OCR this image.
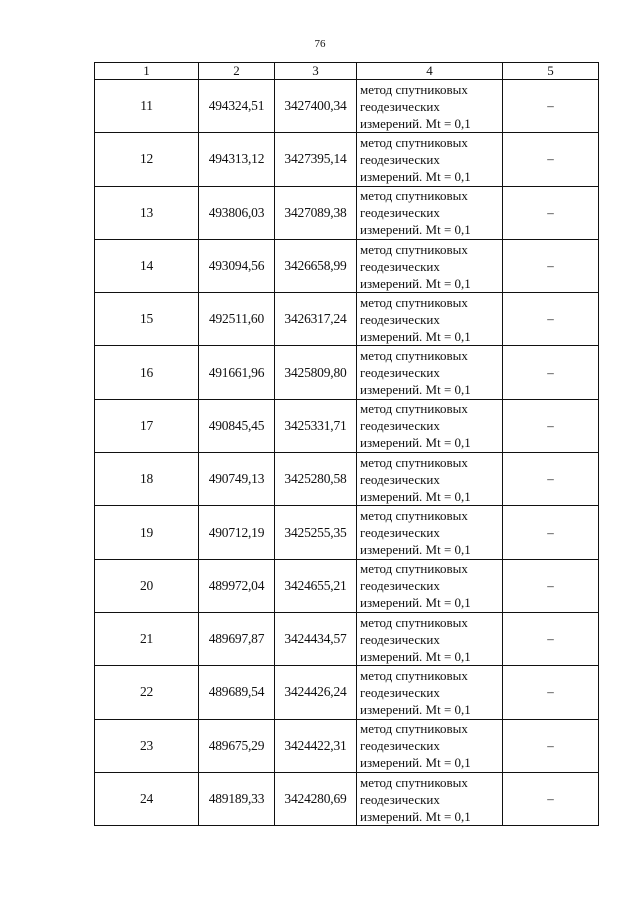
76
1	2	3	4	5
11	494324,51	3427400,34	метод спутниковых
геодезических
измерений. Mt = 0,1	–
12	494313,12	3427395,14	метод спутниковых
геодезических
измерений. Mt = 0,1	–
13	493806,03	3427089,38	метод спутниковых
геодезических
измерений. Mt = 0,1	–
14	493094,56	3426658,99	метод спутниковых
геодезических
измерений. Mt = 0,1	–
15	492511,60	3426317,24	метод спутниковых
геодезических
измерений. Mt = 0,1	–
16	491661,96	3425809,80	метод спутниковых
геодезических
измерений. Mt = 0,1	–
17	490845,45	3425331,71	метод спутниковых
геодезических
измерений. Mt = 0,1	–
18	490749,13	3425280,58	метод спутниковых
геодезических
измерений. Mt = 0,1	–
19	490712,19	3425255,35	метод спутниковых
геодезических
измерений. Mt = 0,1	–
20	489972,04	3424655,21	метод спутниковых
геодезических
измерений. Mt = 0,1	–
21	489697,87	3424434,57	метод спутниковых
геодезических
измерений. Mt = 0,1	–
22	489689,54	3424426,24	метод спутниковых
геодезических
измерений. Mt = 0,1	–
23	489675,29	3424422,31	метод спутниковых
геодезических
измерений. Mt = 0,1	–
24	489189,33	3424280,69	метод спутниковых
геодезических
измерений. Mt = 0,1	–
